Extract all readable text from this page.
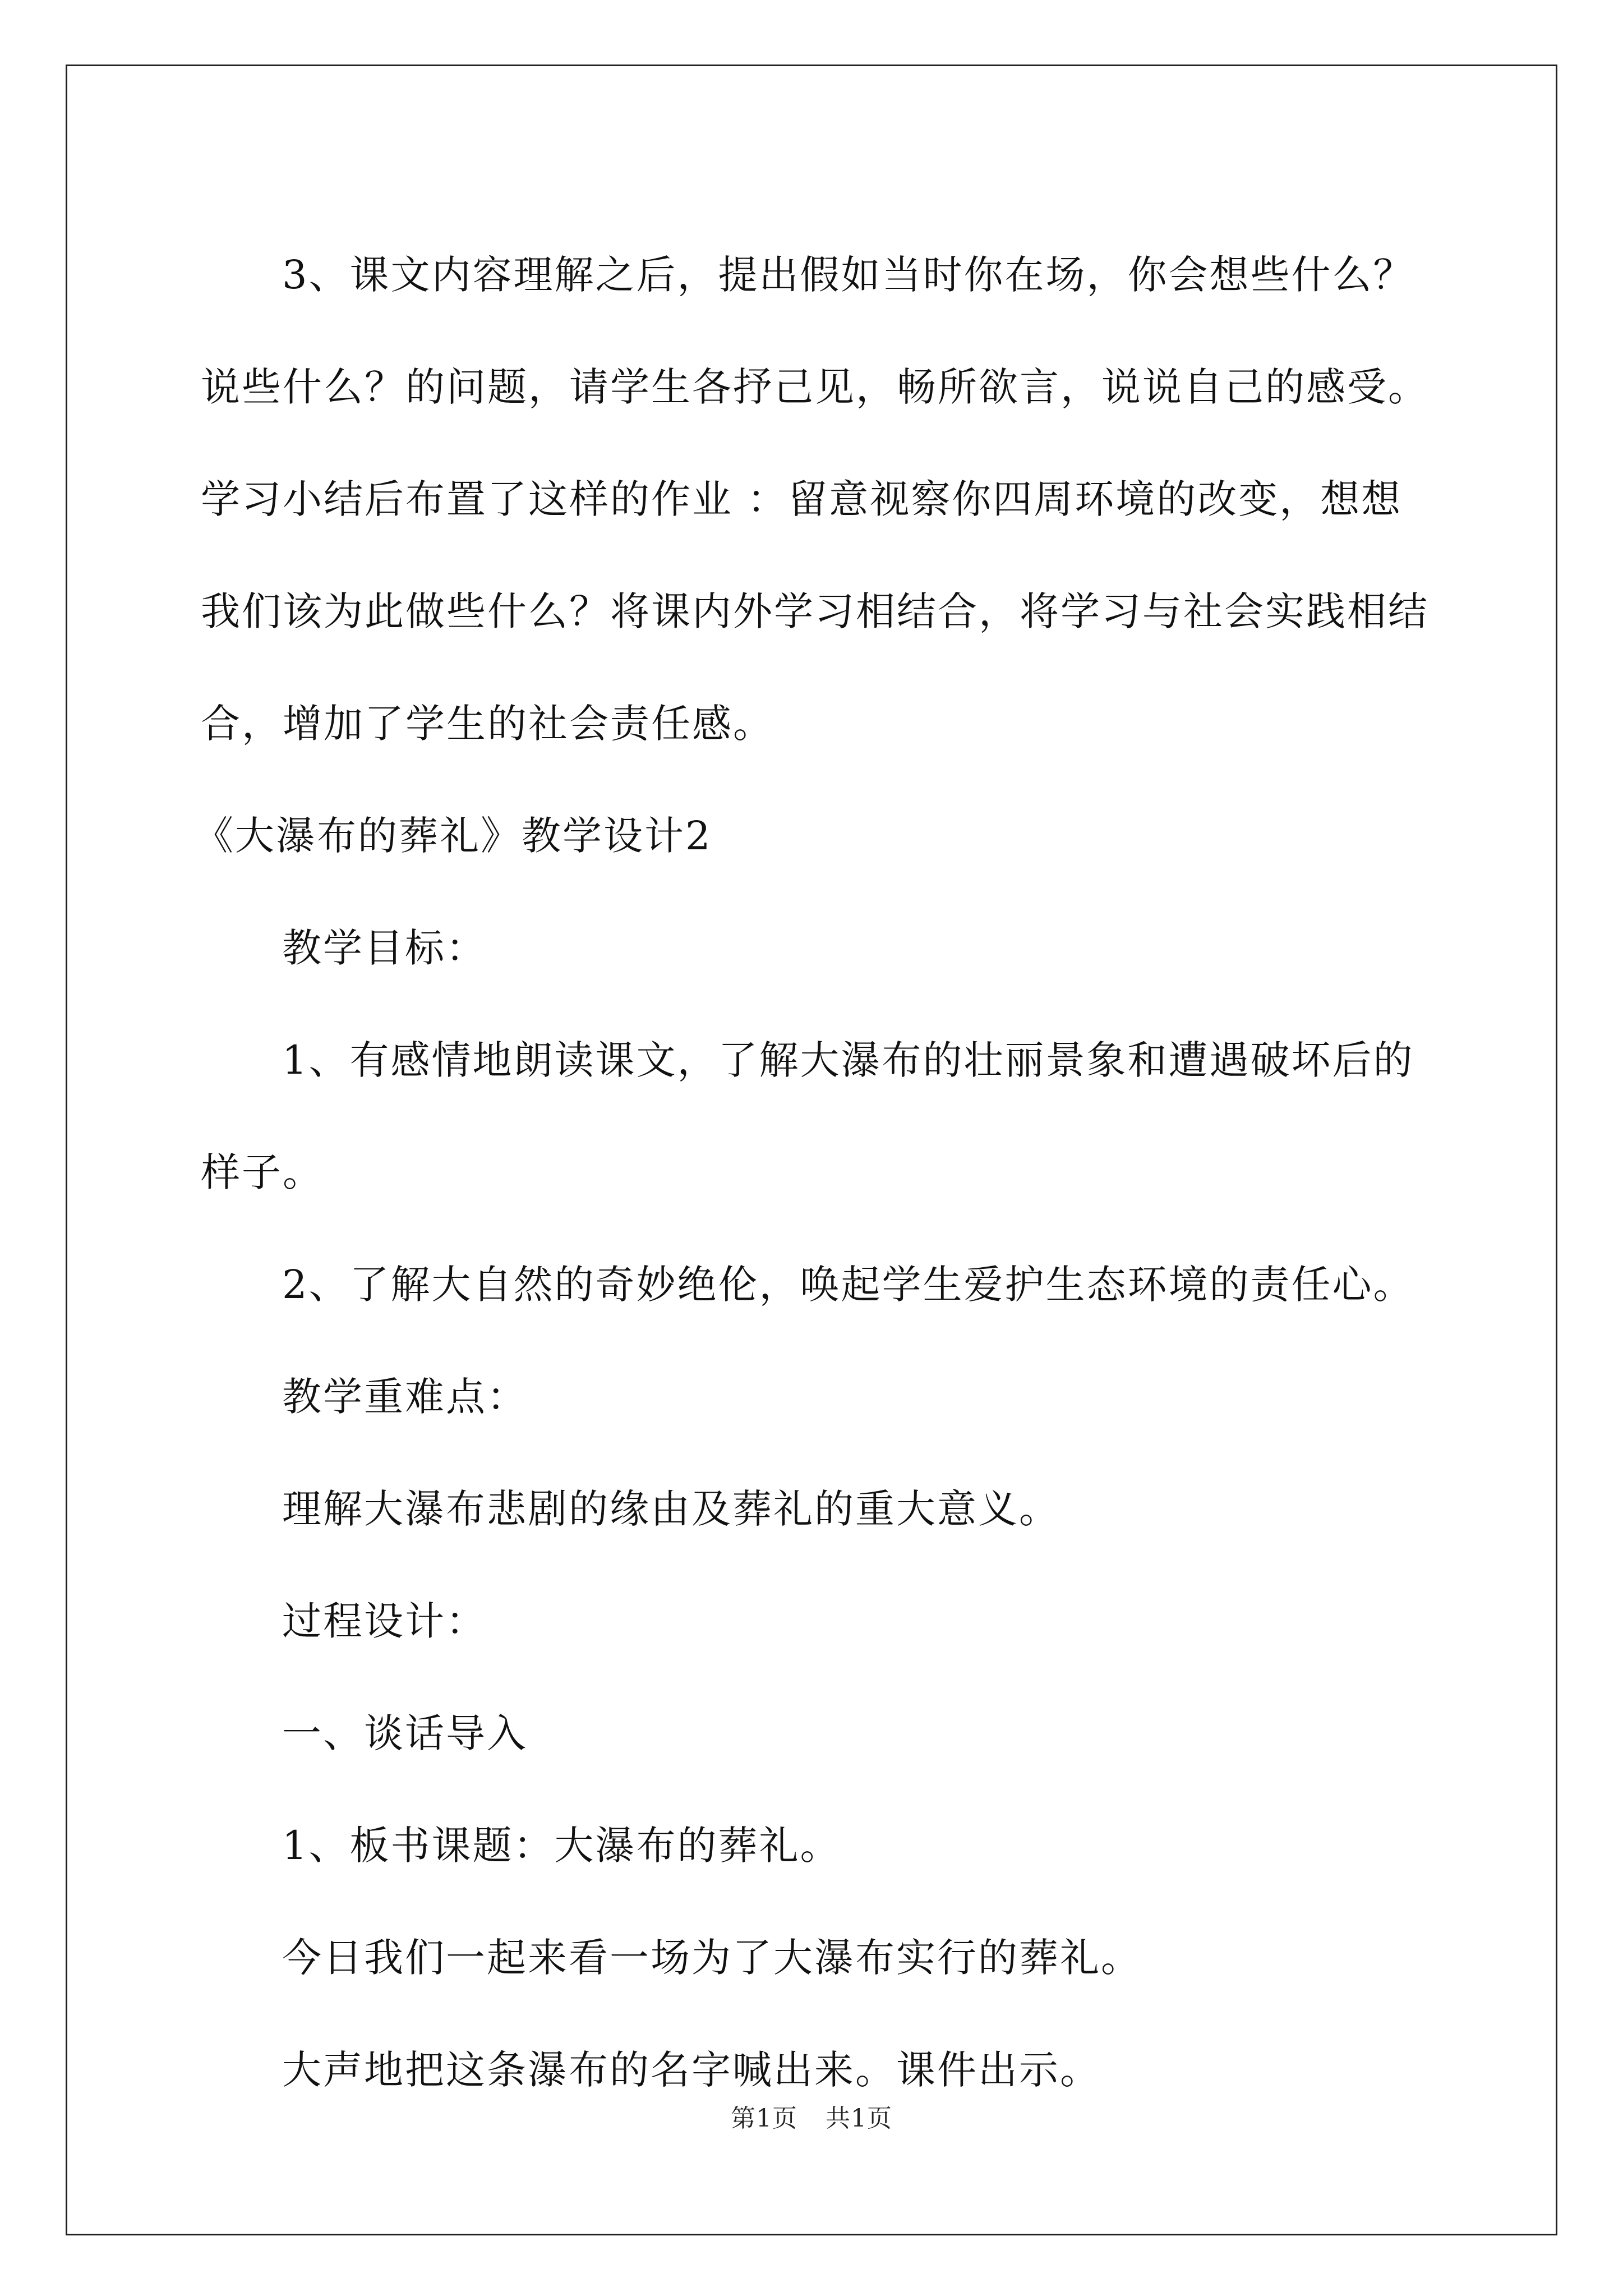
3、课文内容理解之后，提出假如当时你在场，你会想些什么？说些什么？的问题，请学生各抒己见，畅所欲言，说说自己的感受。学习小结后布置了这样的作业 ：留意视察你四周环境的改变，想想我们该为此做些什么？将课内外学习相结合，将学习与社会实践相结合，增加了学生的社会责任感。

《大瀑布的葬礼》教学设计2

教学目标：

1、有感情地朗读课文，了解大瀑布的壮丽景象和遭遇破坏后的样子。

2、了解大自然的奇妙绝伦，唤起学生爱护生态环境的责任心。

教学重难点：

理解大瀑布悲剧的缘由及葬礼的重大意义。

过程设计：

一、谈话导入

1、板书课题：大瀑布的葬礼。

今日我们一起来看一场为了大瀑布实行的葬礼。

大声地把这条瀑布的名字喊出来。课件出示。

第1页 共1页
